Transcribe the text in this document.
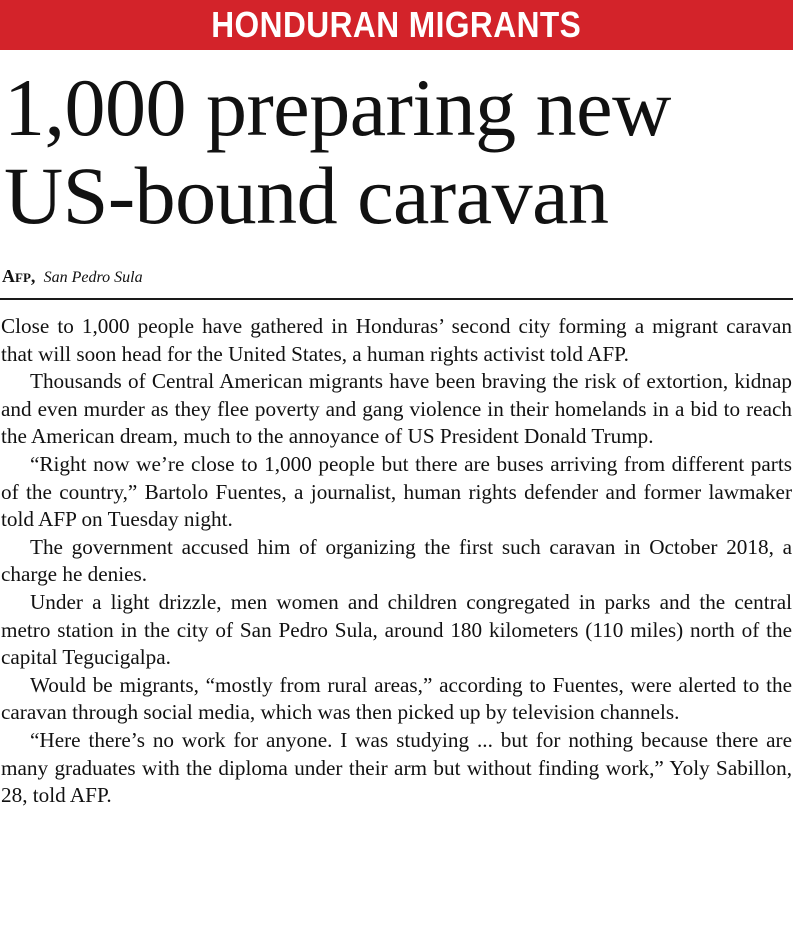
HONDURAN MIGRANTS
1,000 preparing new US-bound caravan
Afp, San Pedro Sula

Close to 1,000 people have gathered in Honduras’ second city forming a migrant caravan that will soon head for the United States, a human rights activist told AFP.

Thousands of Central American migrants have been braving the risk of extortion, kidnap and even murder as they flee poverty and gang violence in their homelands in a bid to reach the American dream, much to the annoyance of US President Donald Trump.

“Right now we’re close to 1,000 people but there are buses arriving from different parts of the country,” Bartolo Fuentes, a journalist, human rights defender and former lawmaker told AFP on Tuesday night.

The government accused him of organizing the first such caravan in October 2018, a charge he denies.

Under a light drizzle, men women and children congregated in parks and the central metro station in the city of San Pedro Sula, around 180 kilometers (110 miles) north of the capital Tegucigalpa.

Would be migrants, “mostly from rural areas,” according to Fuentes, were alerted to the caravan through social media, which was then picked up by television channels.

“Here there’s no work for anyone. I was studying ... but for nothing because there are many graduates with the diploma under their arm but without finding work,” Yoly Sabillon, 28, told AFP.
